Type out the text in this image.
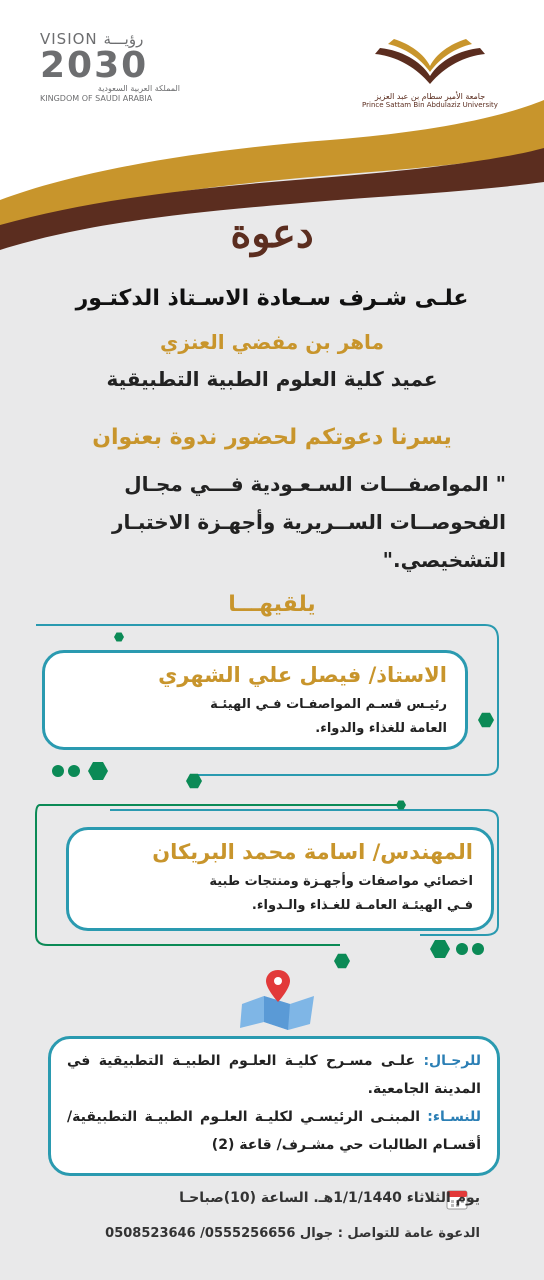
VISION رؤيـــة
2030
المملكة العربية السعودية
KINGDOM OF SAUDI ARABIA	جامعة الأمير سطام بن عبد العزيز
Prince Sattam Bin Abdulaziz University
دعوة
علـى شـرف سـعادة الاسـتاذ الدكتـور
ماهر بن مفضي العنزي
عميد كلية العلوم الطبية التطبيقية
يسرنا دعوتكم لحضور ندوة بعنوان
" المواصفـــات السـعـودية فـــي مجـال الفحوصــات الســريرية وأجهـزة الاختبـار التشخيصي."
يلقيهـــا
الاستاذ/ فيصل علي الشهري
رئيـس قسـم المواصفـات فـي الهيئـة
العامة للغذاء والدواء.
المهندس/ اسامة محمد البريكان
اخصائي مواصفات وأجهـزة ومنتجات طبية
فـي الهيئـة العامـة للغـذاء والـدواء.

للرجـال: علـى مسـرح كليـة العلـوم الطبيـة التطبيقية في المدينة الجامعية.

للنسـاء: المبنـى الرئيسـي لكليـة العلـوم الطبيـة التطبيقية/أقسـام الطالبات حي مشـرف/ قاعة (2)

يوم الثلاثاء 1/1/1440هـ. الساعة (10)صباحـا
الدعوة عامة للتواصل : جوال 0555256656/ 0508523646
